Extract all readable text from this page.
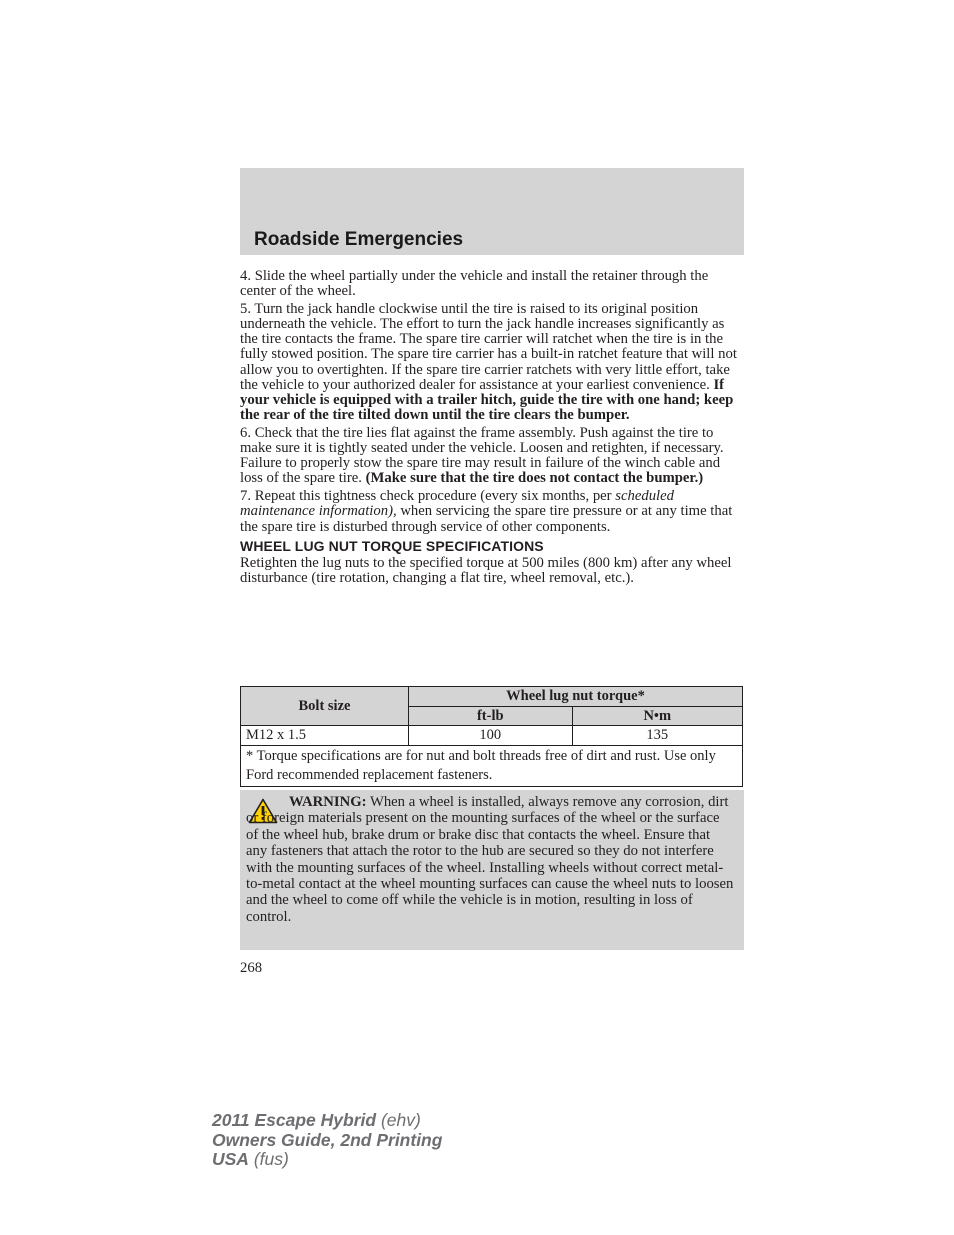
Roadside Emergencies

4. Slide the wheel partially under the vehicle and install the retainer through the center of the wheel.

5. Turn the jack handle clockwise until the tire is raised to its original position underneath the vehicle. The effort to turn the jack handle increases significantly as the tire contacts the frame. The spare tire carrier will ratchet when the tire is in the fully stowed position. The spare tire carrier has a built-in ratchet feature that will not allow you to overtighten. If the spare tire carrier ratchets with very little effort, take the vehicle to your authorized dealer for assistance at your earliest convenience. If your vehicle is equipped with a trailer hitch, guide the tire with one hand; keep the rear of the tire tilted down until the tire clears the bumper.

6. Check that the tire lies flat against the frame assembly. Push against the tire to make sure it is tightly seated under the vehicle. Loosen and retighten, if necessary. Failure to properly stow the spare tire may result in failure of the winch cable and loss of the spare tire. (Make sure that the tire does not contact the bumper.)

7. Repeat this tightness check procedure (every six months, per scheduled maintenance information), when servicing the spare tire pressure or at any time that the spare tire is disturbed through service of other components.

WHEEL LUG NUT TORQUE SPECIFICATIONS

Retighten the lug nuts to the specified torque at 500 miles (800 km) after any wheel disturbance (tire rotation, changing a flat tire, wheel removal, etc.).

Bolt size	Wheel lug nut torque*	
	ft-lb	N•m
M12 x 1.5	100	135
* Torque specifications are for nut and bolt threads free of dirt and rust. Use only Ford recommended replacement fasteners.		

WARNING: When a wheel is installed, always remove any corrosion, dirt or foreign materials present on the mounting surfaces of the wheel or the surface of the wheel hub, brake drum or brake disc that contacts the wheel. Ensure that any fasteners that attach the rotor to the hub are secured so they do not interfere with the mounting surfaces of the wheel. Installing wheels without correct metal-to-metal contact at the wheel mounting surfaces can cause the wheel nuts to loosen and the wheel to come off while the vehicle is in motion, resulting in loss of control.

268
2011 Escape Hybrid (ehv)
Owners Guide, 2nd Printing
USA (fus)
